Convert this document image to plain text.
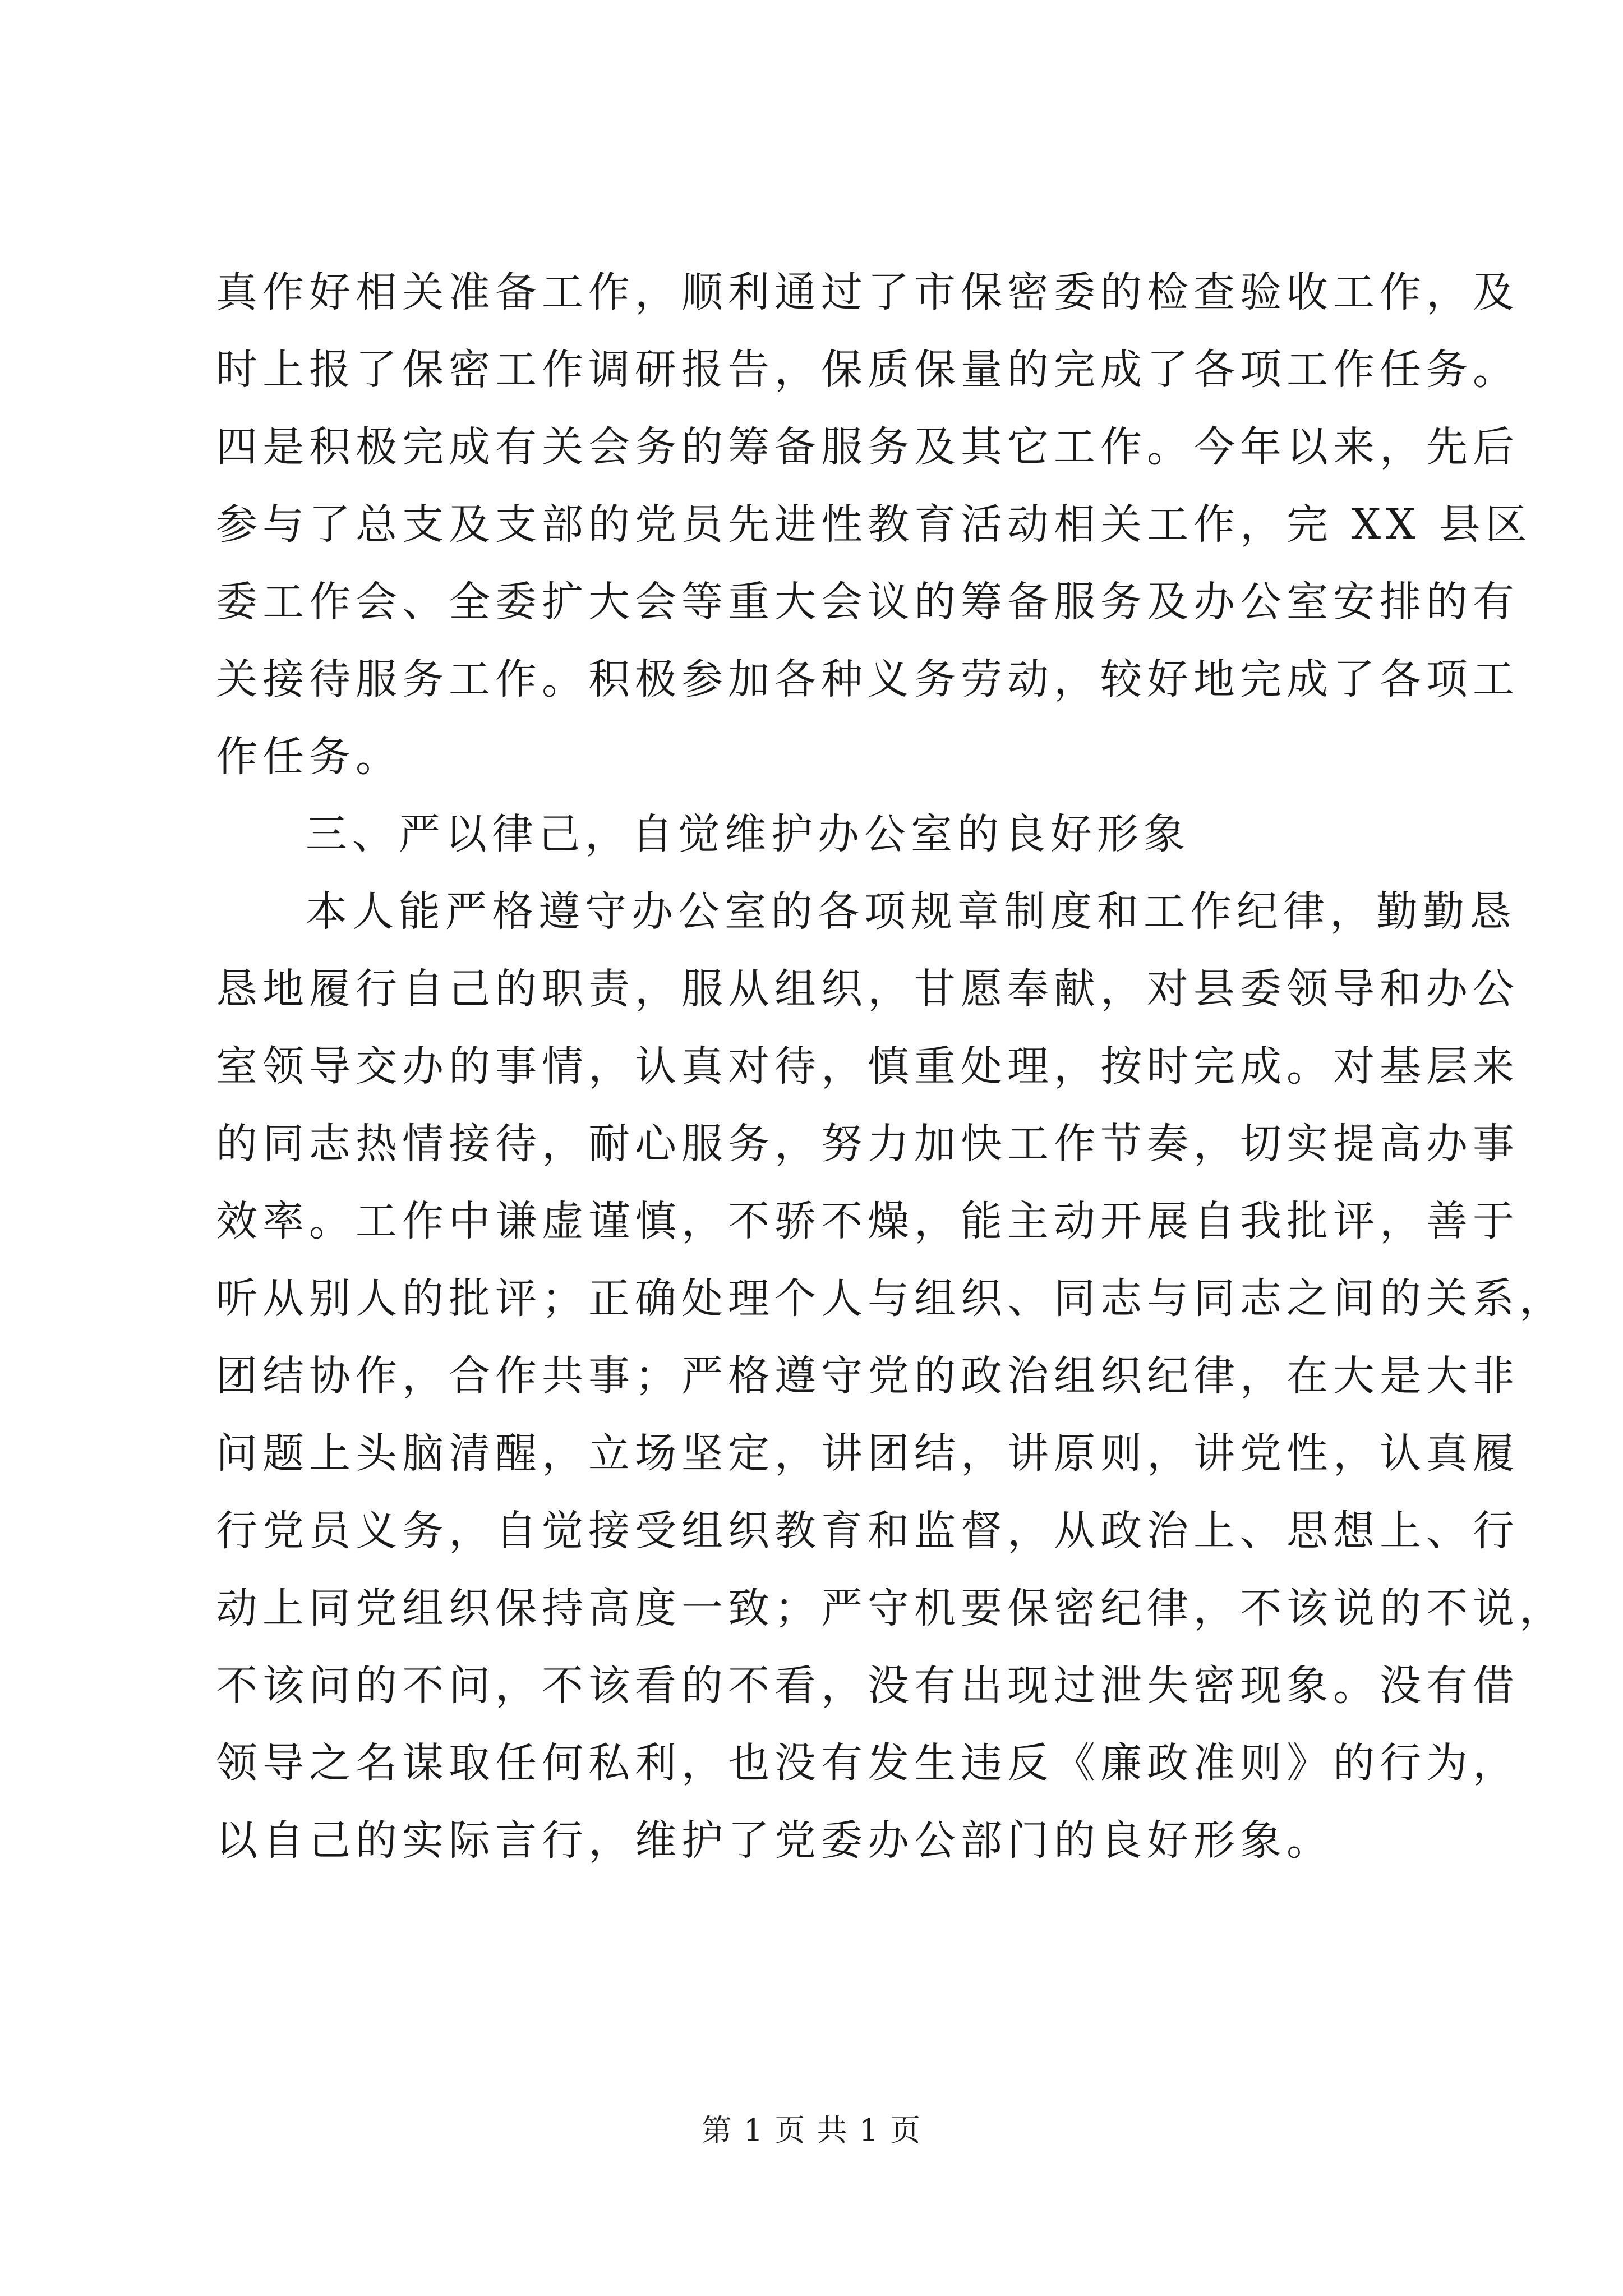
真作好相关准备工作，顺利通过了市保密委的检查验收工作，及
时上报了保密工作调研报告，保质保量的完成了各项工作任务。
四是积极完成有关会务的筹备服务及其它工作。今年以来，先后
参与了总支及支部的党员先进性教育活动相关工作，完 XX 县区
委工作会、全委扩大会等重大会议的筹备服务及办公室安排的有
关接待服务工作。积极参加各种义务劳动，较好地完成了各项工
作任务。
三、严以律己，自觉维护办公室的良好形象
本人能严格遵守办公室的各项规章制度和工作纪律，勤勤恳
恳地履行自己的职责，服从组织，甘愿奉献，对县委领导和办公
室领导交办的事情，认真对待，慎重处理，按时完成。对基层来
的同志热情接待，耐心服务，努力加快工作节奏，切实提高办事
效率。工作中谦虚谨慎，不骄不燥，能主动开展自我批评，善于
听从别人的批评；正确处理个人与组织、同志与同志之间的关系，
团结协作，合作共事；严格遵守党的政治组织纪律，在大是大非
问题上头脑清醒，立场坚定，讲团结，讲原则，讲党性，认真履
行党员义务，自觉接受组织教育和监督，从政治上、思想上、行
动上同党组织保持高度一致；严守机要保密纪律，不该说的不说，
不该问的不问，不该看的不看，没有出现过泄失密现象。没有借
领导之名谋取任何私利，也没有发生违反《廉政准则》的行为，
以自己的实际言行，维护了党委办公部门的良好形象。
第 1 页 共 1 页
